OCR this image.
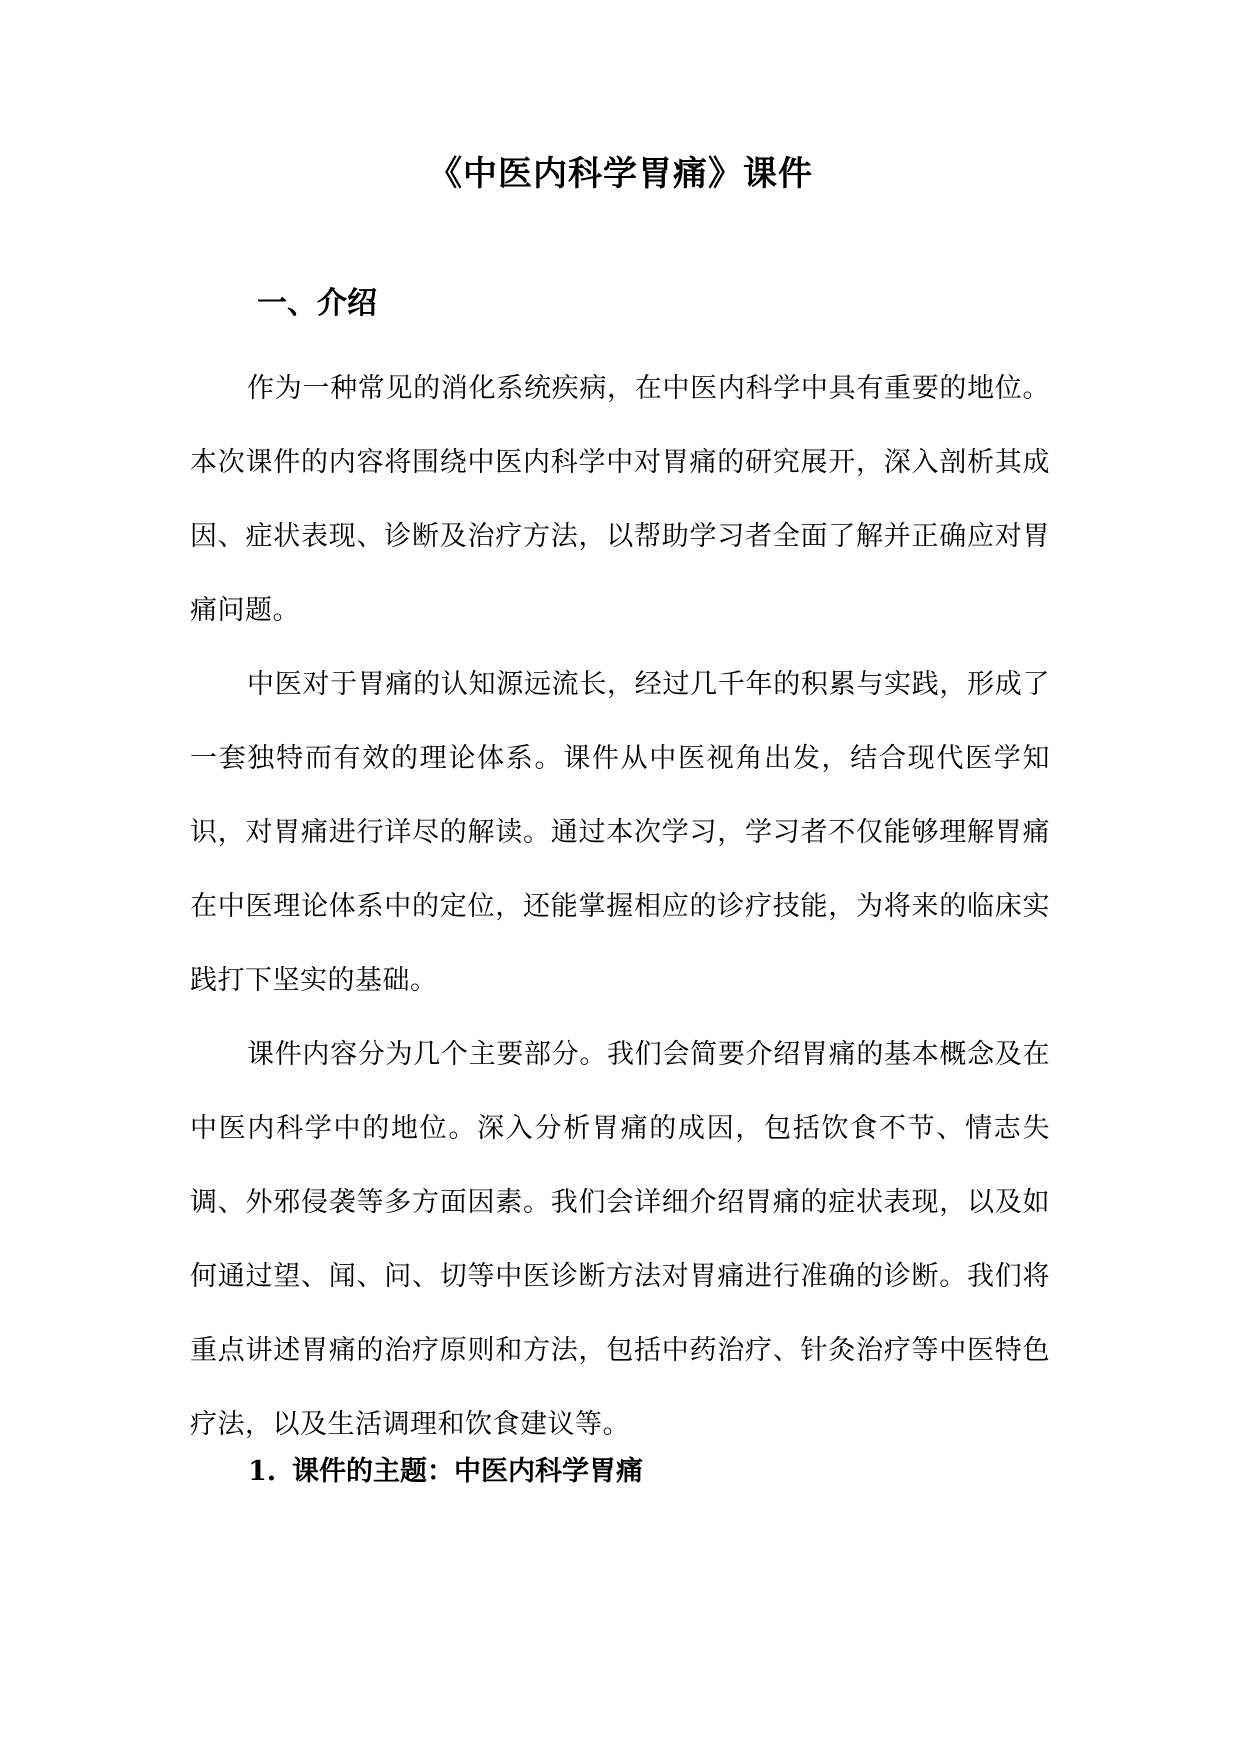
《中医内科学胃痛》课件
一、介绍

作为一种常见的消化系统疾病，在中医内科学中具有重要的地位。本次课件的内容将围绕中医内科学中对胃痛的研究展开，深入剖析其成因、症状表现、诊断及治疗方法，以帮助学习者全面了解并正确应对胃痛问题。

中医对于胃痛的认知源远流长，经过几千年的积累与实践，形成了一套独特而有效的理论体系。课件从中医视角出发，结合现代医学知识，对胃痛进行详尽的解读。通过本次学习，学习者不仅能够理解胃痛在中医理论体系中的定位，还能掌握相应的诊疗技能，为将来的临床实践打下坚实的基础。

课件内容分为几个主要部分。我们会简要介绍胃痛的基本概念及在中医内科学中的地位。深入分析胃痛的成因，包括饮食不节、情志失调、外邪侵袭等多方面因素。我们会详细介绍胃痛的症状表现，以及如何通过望、闻、问、切等中医诊断方法对胃痛进行准确的诊断。我们将重点讲述胃痛的治疗原则和方法，包括中药治疗、针灸治疗等中医特色疗法，以及生活调理和饮食建议等。

1. 课件的主题：中医内科学胃痛
